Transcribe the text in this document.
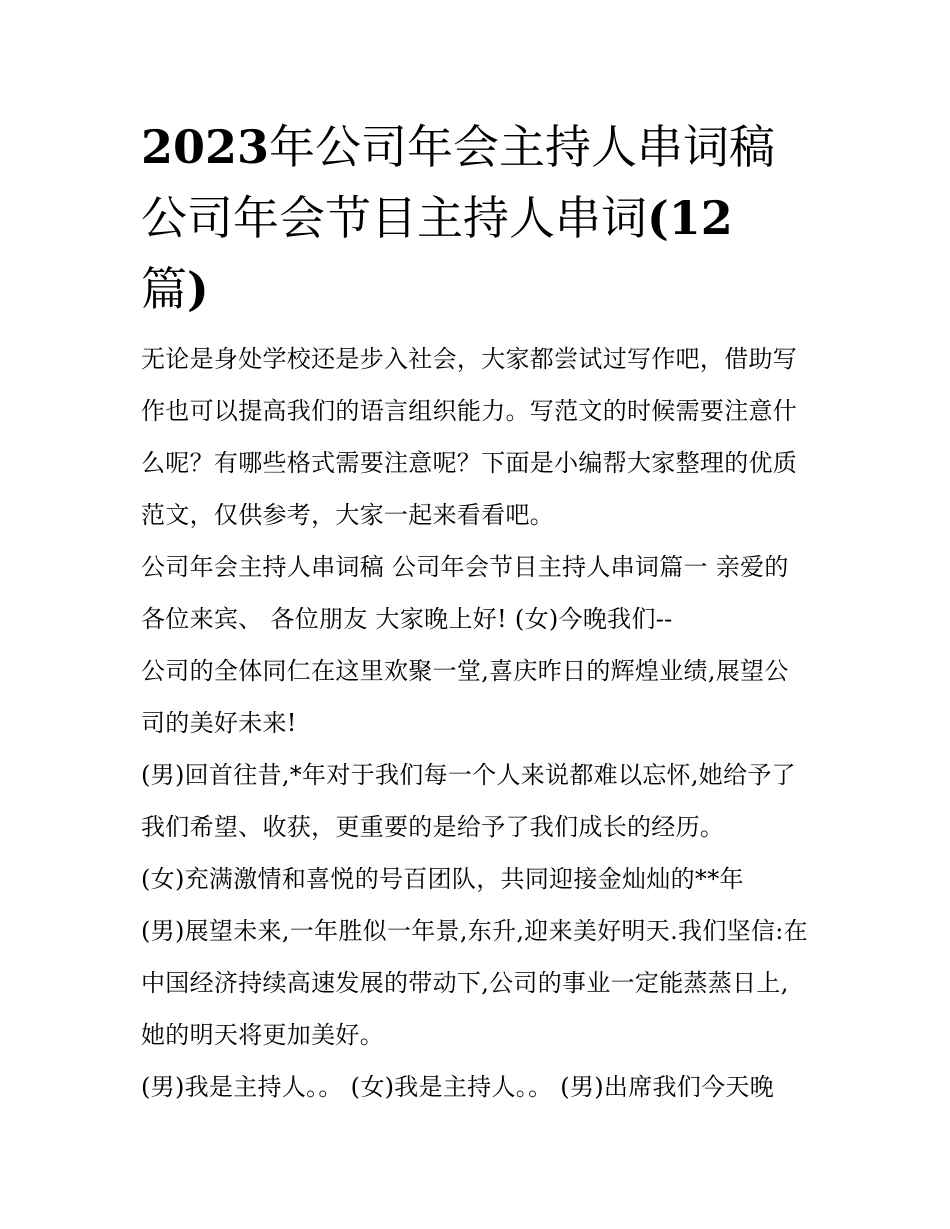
2023年公司年会主持人串词稿
公司年会节目主持人串词(12
篇)

无论是身处学校还是步入社会，大家都尝试过写作吧，借助写

作也可以提高我们的语言组织能力。写范文的时候需要注意什

么呢？有哪些格式需要注意呢？下面是小编帮大家整理的优质

范文，仅供参考，大家一起来看看吧。

公司年会主持人串词稿 公司年会节目主持人串词篇一 亲爱的

各位来宾、 各位朋友 大家晚上好! (女)今晚我们--

公司的全体同仁在这里欢聚一堂,喜庆昨日的辉煌业绩,展望公

司的美好未来!

(男)回首往昔,*年对于我们每一个人来说都难以忘怀,她给予了

我们希望、收获，更重要的是给予了我们成长的经历。

(女)充满激情和喜悦的号百团队，共同迎接金灿灿的**年

(男)展望未来,一年胜似一年景,东升,迎来美好明天.我们坚信:在

中国经济持续高速发展的带动下,公司的事业一定能蒸蒸日上,

她的明天将更加美好。

(男)我是主持人。。 (女)我是主持人。。 (男)出席我们今天晚
